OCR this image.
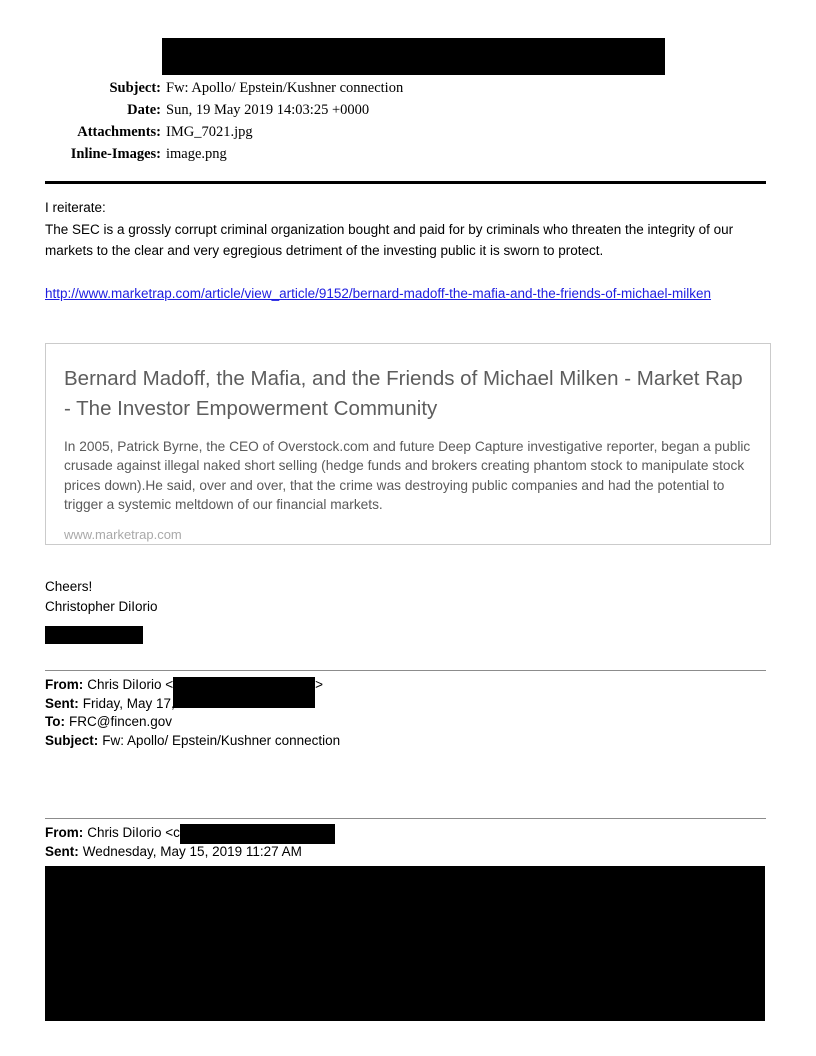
Subject: Fw: Apollo/ Epstein/Kushner connection
Date: Sun, 19 May 2019 14:03:25 +0000
Attachments: IMG_7021.jpg
Inline-Images: image.png

I reiterate:

The SEC is a grossly corrupt criminal organization bought and paid for by criminals who threaten the integrity of our markets to the clear and very egregious detriment of the investing public it is sworn to protect.

http://www.marketrap.com/article/view_article/9152/bernard-madoff-the-mafia-and-the-friends-of-michael-milken
Bernard Madoff, the Mafia, and the Friends of Michael Milken - Market Rap - The Investor Empowerment Community
In 2005, Patrick Byrne, the CEO of Overstock.com and future Deep Capture investigative reporter, began a public crusade against illegal naked short selling (hedge funds and brokers creating phantom stock to manipulate stock prices down).He said, over and over, that the crime was destroying public companies and had the potential to trigger a systemic meltdown of our financial markets.
www.marketrap.com
Cheers!
Christopher DiIorio
From: Chris DiIorio <	>
Sent: Friday, May 17, 2019 6:22 AM
To: FRC@fincen.gov
Subject: Fw: Apollo/ Epstein/Kushner connection
From: Chris DiIorio <c
Sent: Wednesday, May 15, 2019 11:27 AM
